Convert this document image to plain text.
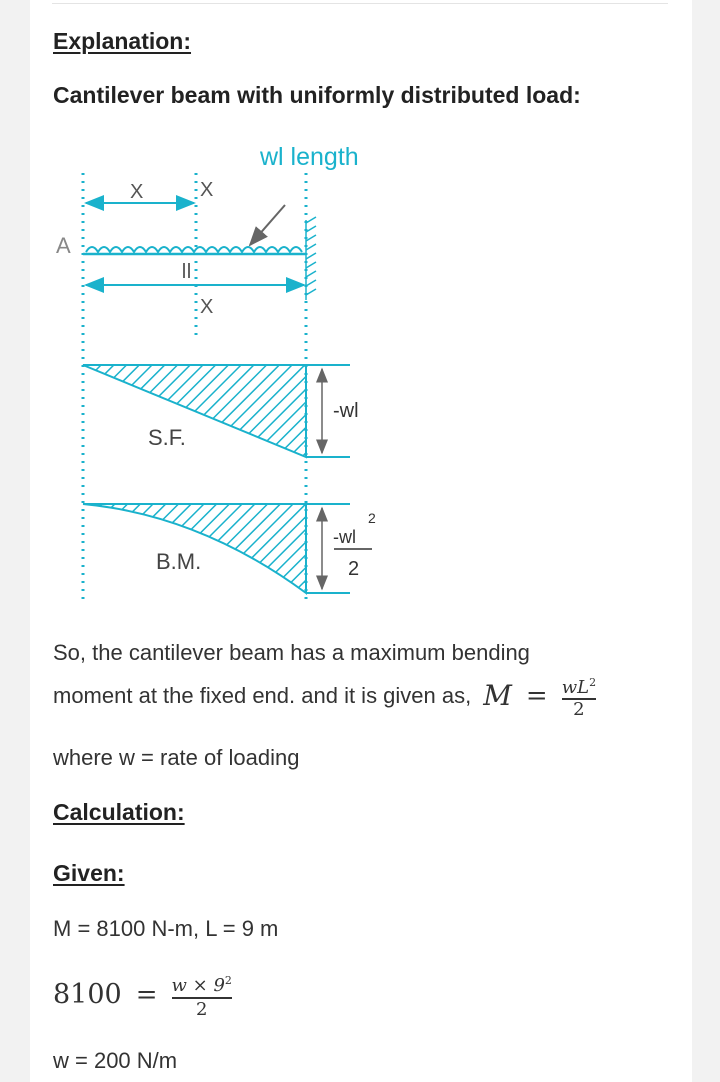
Explanation:
Cantilever beam with uniformly distributed load:
wl length
X	X
A
X
S.F.
-wl
B.M.
-wl
2
2
So, the cantilever beam has a maximum bending
moment at the fixed end. and it is given as, $M = \frac{wL^2}{2}$
where w = rate of loading
Calculation:
Given:
M = 8100 N-m, L = 9 m
$8100 = \frac{w \times 9^2}{2}$
w = 200 N/m
